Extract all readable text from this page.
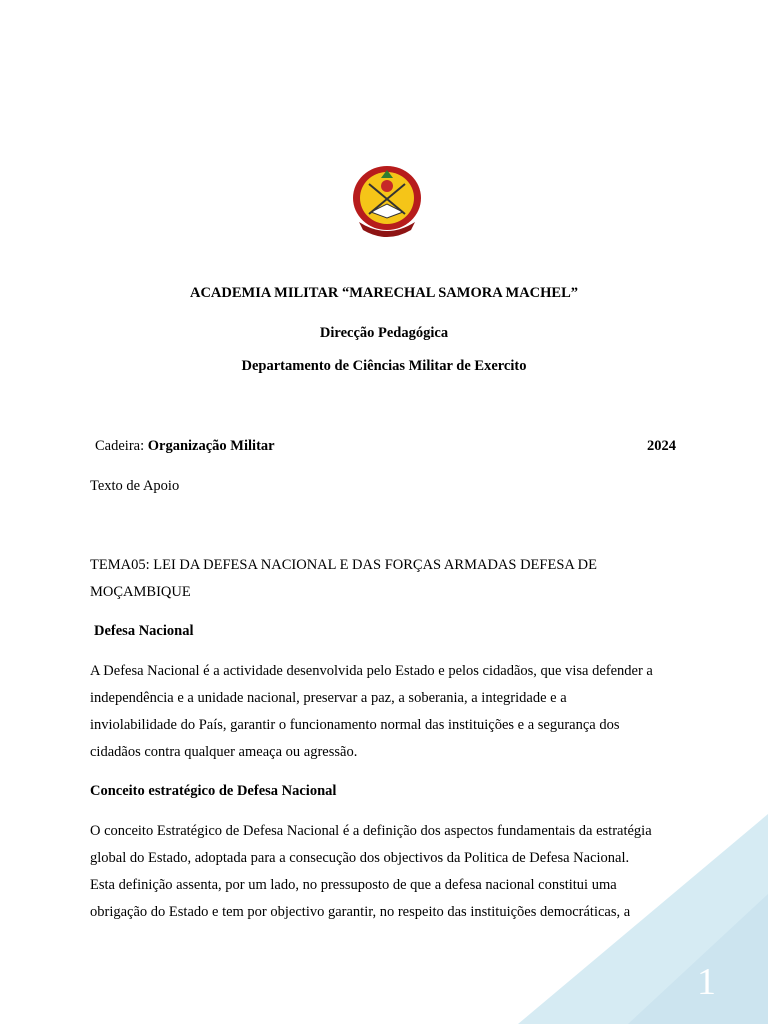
ACADEMIA MILITAR “MARECHAL SAMORA MACHEL”
Direcção Pedagógica
Departamento de Ciências Militar de Exercito
Cadeira: Organização Militar	2024
Texto de Apoio
TEMA05: LEI DA DEFESA NACIONAL E DAS FORÇAS ARMADAS DEFESA DE
MOÇAMBIQUE
Defesa Nacional
A Defesa Nacional é a actividade desenvolvida pelo Estado e pelos cidadãos, que visa defender a
independência e a unidade nacional, preservar a paz, a soberania, a integridade e a
inviolabilidade do País, garantir o funcionamento normal das instituições e a segurança dos
cidadãos contra qualquer ameaça ou agressão.
Conceito estratégico de Defesa Nacional
O conceito Estratégico de Defesa Nacional é a definição dos aspectos fundamentais da estratégia
global do Estado, adoptada para a consecução dos objectivos da Politica de Defesa Nacional.
Esta definição assenta, por um lado, no pressuposto de que a defesa nacional constitui uma
obrigação do Estado e tem por objectivo garantir, no respeito das instituições democráticas, a
1
